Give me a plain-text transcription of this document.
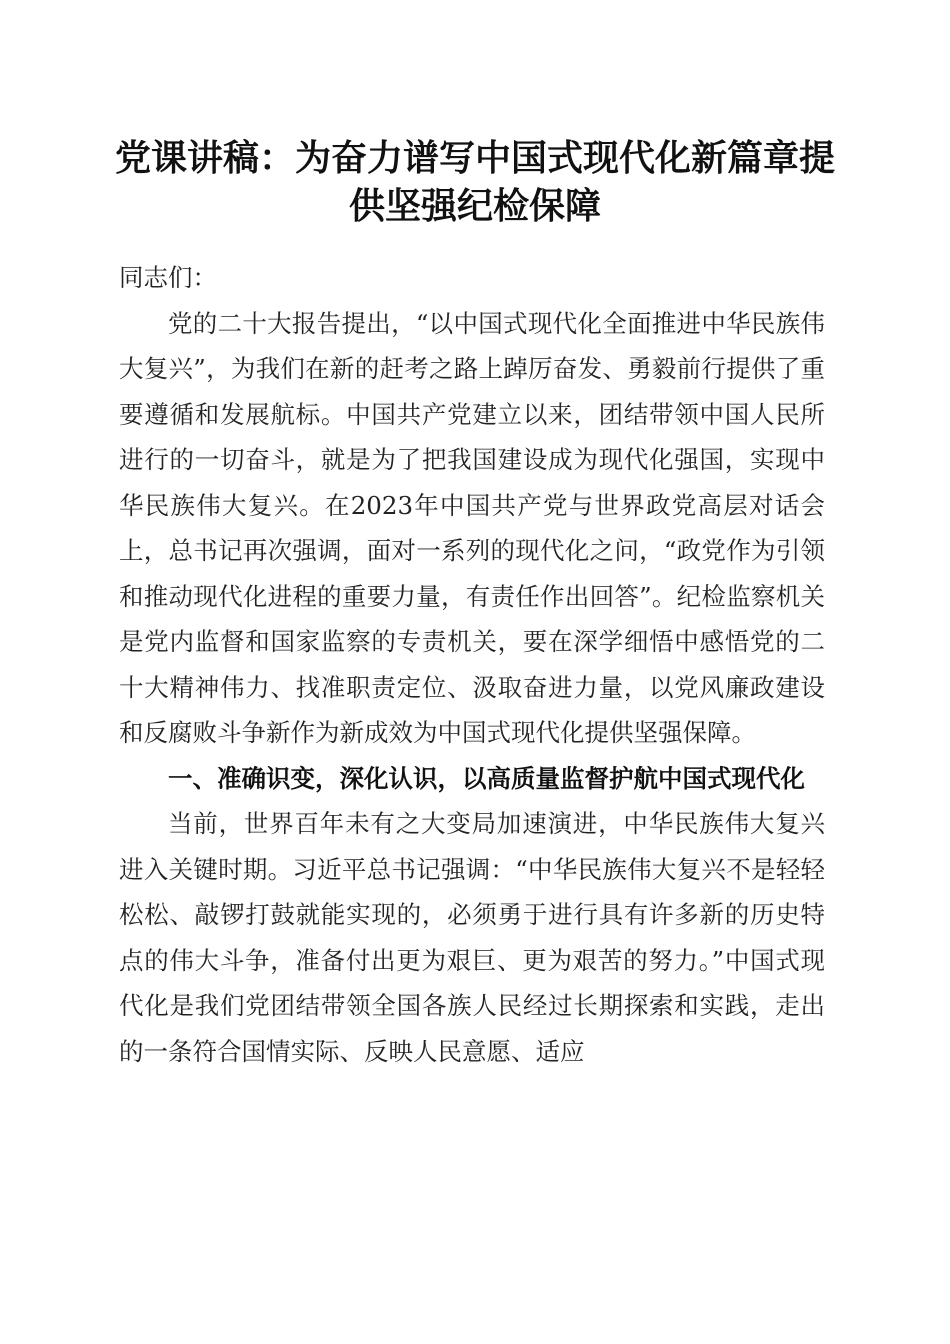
党课讲稿：为奋力谱写中国式现代化新篇章提供坚强纪检保障

同志们：

党的二十大报告提出，“以中国式现代化全面推进中华民族伟大复兴”，为我们在新的赶考之路上踔厉奋发、勇毅前行提供了重要遵循和发展航标。中国共产党建立以来，团结带领中国人民所进行的一切奋斗，就是为了把我国建设成为现代化强国，实现中华民族伟大复兴。在2023年中国共产党与世界政党高层对话会上，总书记再次强调，面对一系列的现代化之问，“政党作为引领和推动现代化进程的重要力量，有责任作出回答”。纪检监察机关是党内监督和国家监察的专责机关，要在深学细悟中感悟党的二十大精神伟力、找准职责定位、汲取奋进力量，以党风廉政建设和反腐败斗争新作为新成效为中国式现代化提供坚强保障。

一、准确识变，深化认识，以高质量监督护航中国式现代化

当前，世界百年未有之大变局加速演进，中华民族伟大复兴进入关键时期。习近平总书记强调：“中华民族伟大复兴不是轻轻松松、敲锣打鼓就能实现的，必须勇于进行具有许多新的历史特点的伟大斗争，准备付出更为艰巨、更为艰苦的努力。”中国式现代化是我们党团结带领全国各族人民经过长期探索和实践，走出的一条符合国情实际、反映人民意愿、适应
